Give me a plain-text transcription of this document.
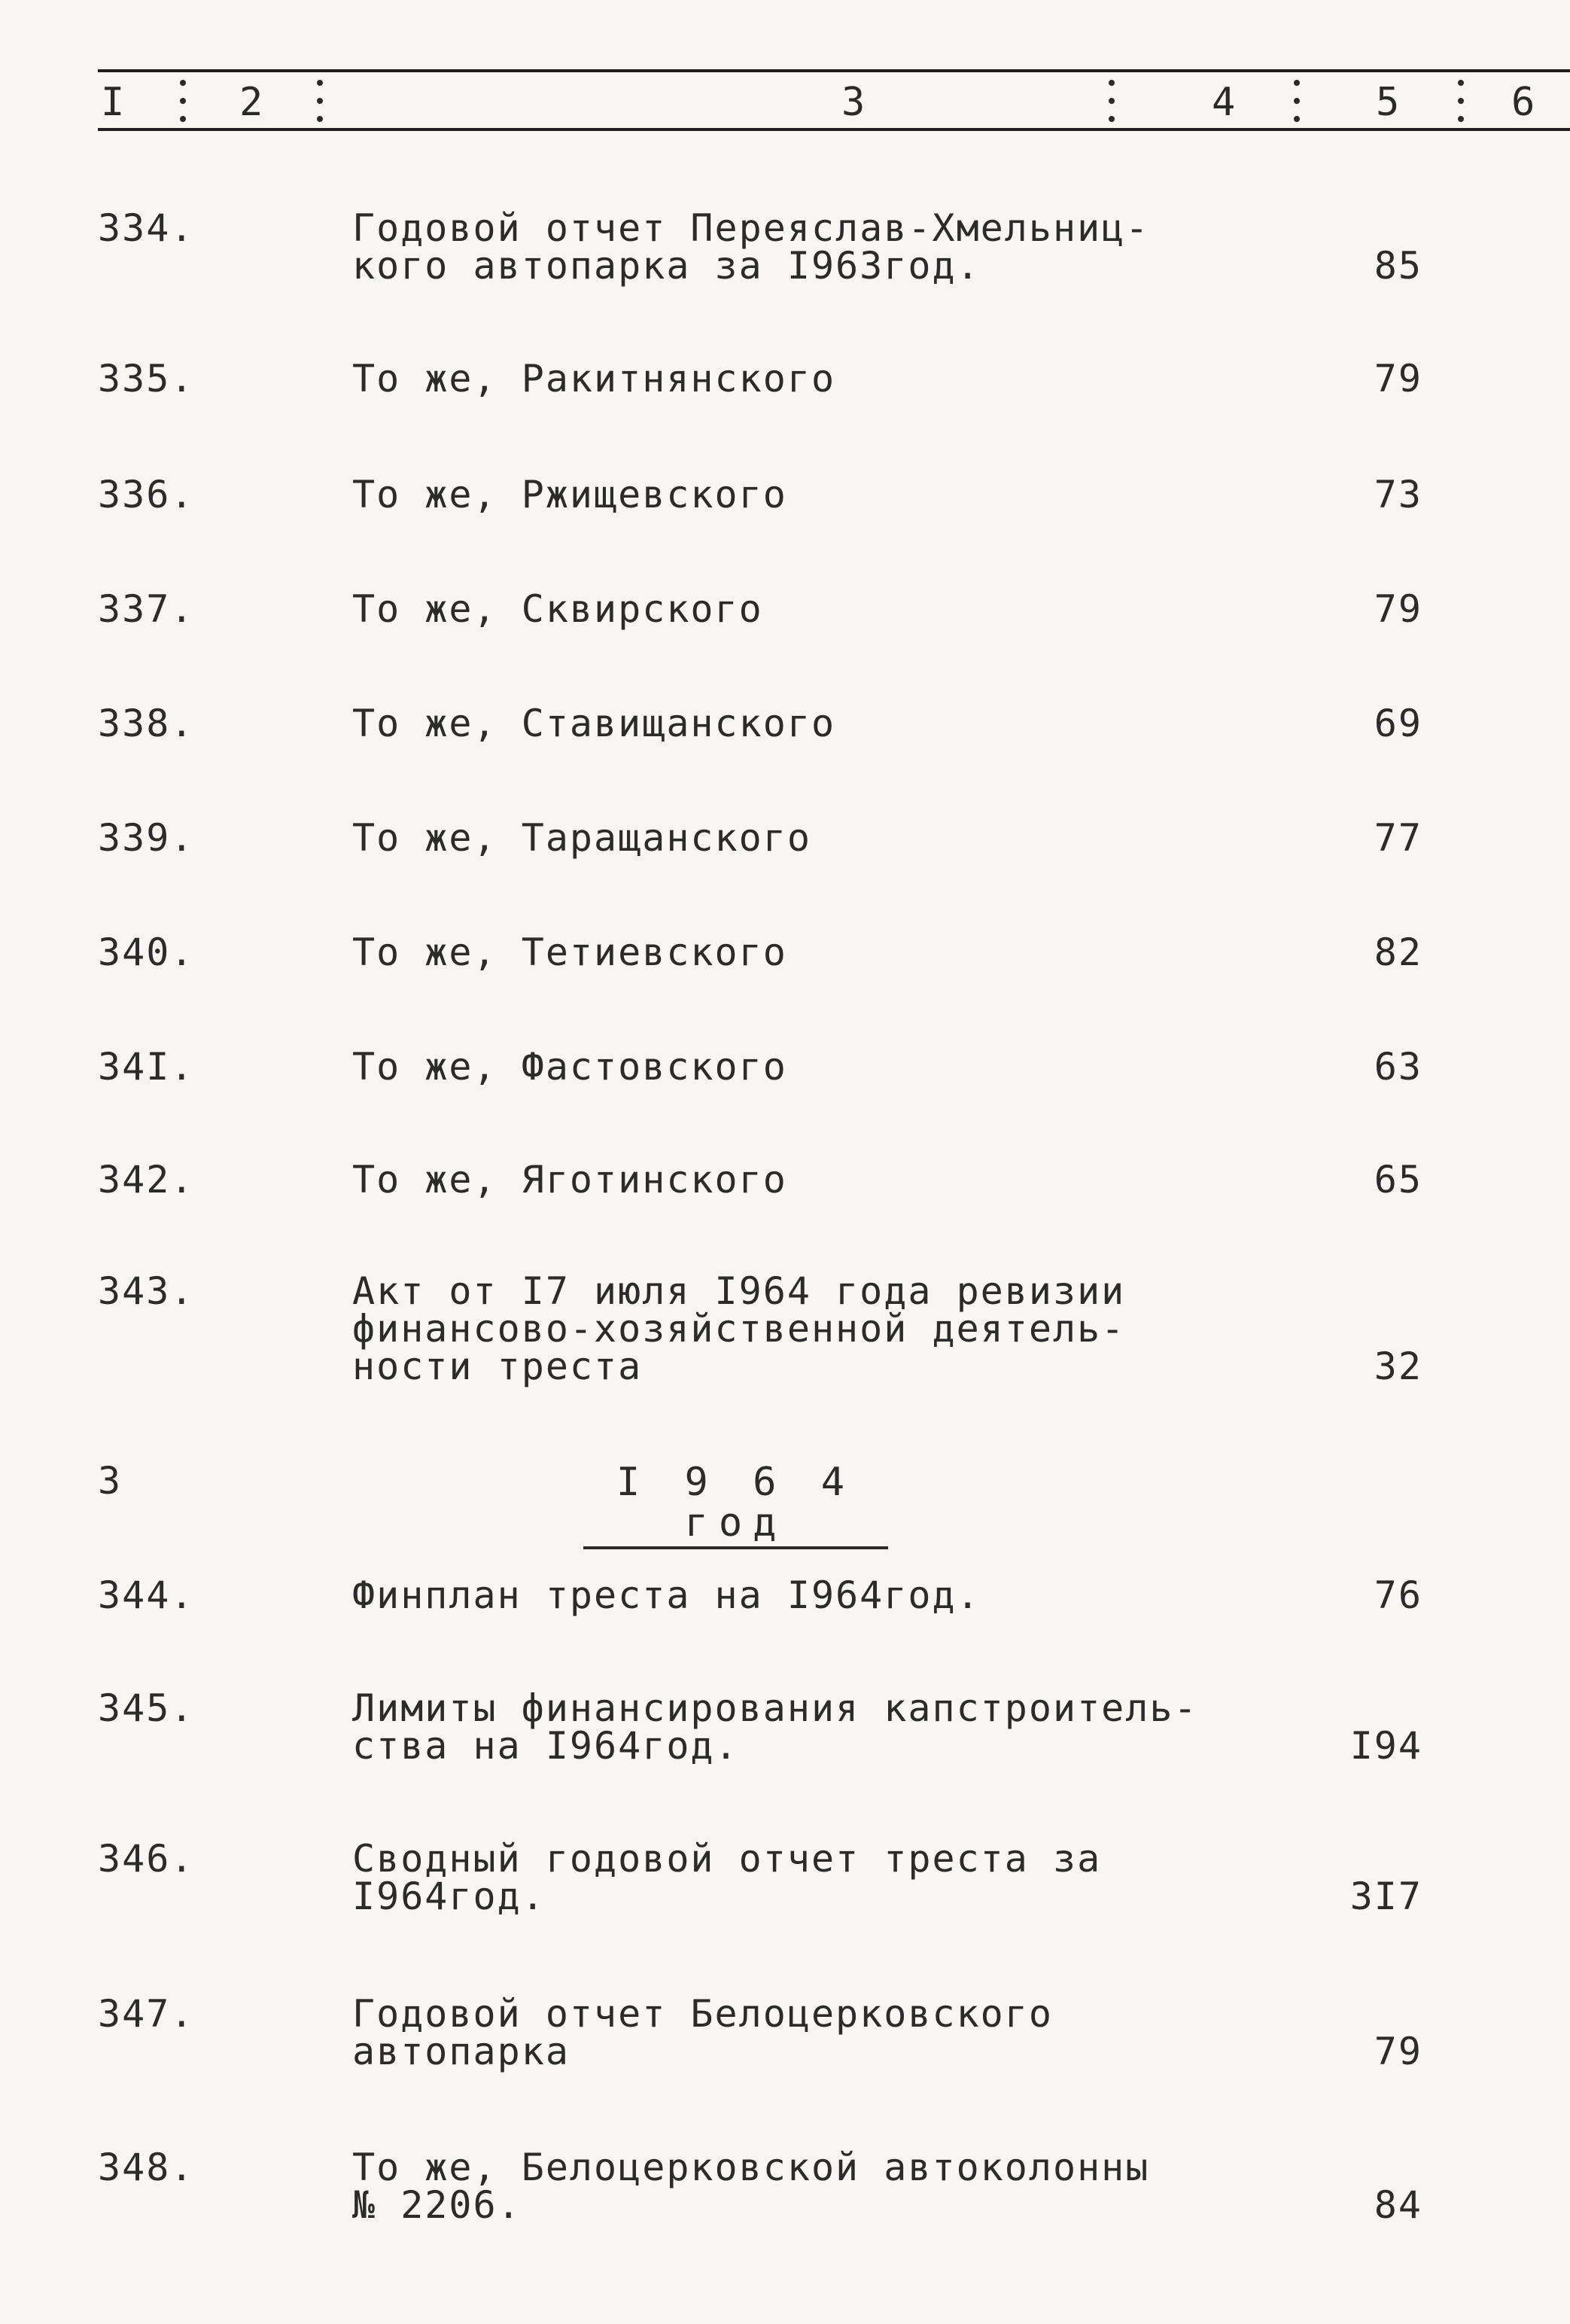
I	2	3	4	5	6
334.	Годовой отчет Переяслав-Хмельниц-
кого автопарка за I963год.	85
335.	То же, Ракитнянского	79
336.	То же, Ржищевского	73
337.	То же, Сквирского	79
338.	То же, Ставищанского	69
339.	То же, Таращанского	77
340.	То же, Тетиевского	82
34I.	То же, Фастовского	63
342.	То же, Яготинского	65
343.	Акт от I7 июля I964 года ревизии
финансово-хозяйственной деятель-
ности треста	32
3	I 9 6 4 год
344.	Финплан треста на I964год.	76
345.	Лимиты финансирования капстроитель-
ства на I964год.	I94
346.	Сводный годовой отчет треста за
I964год.	3I7
347.	Годовой отчет Белоцерковского
автопарка	79
348.	То же, Белоцерковской автоколонны
№ 2206.	84
